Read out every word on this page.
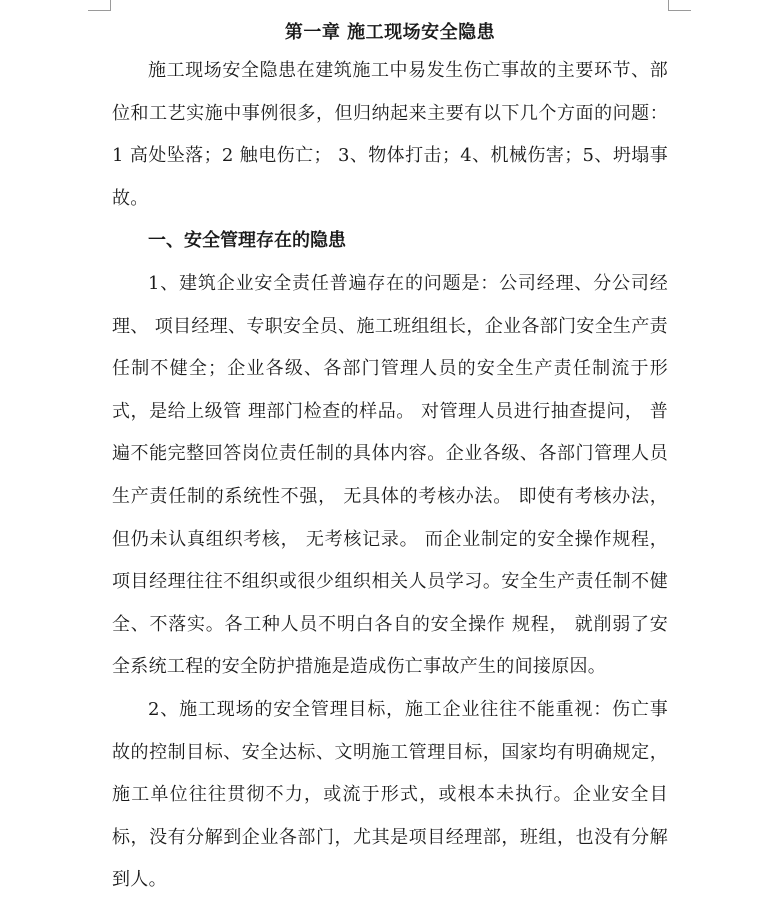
第一章 施工现场安全隐患

施工现场安全隐患在建筑施工中易发生伤亡事故的主要环节、部位和工艺实施中事例很多，但归纳起来主要有以下几个方面的问题：1 高处坠落；2 触电伤亡； 3、物体打击；4、机械伤害；5、坍塌事故。

一、安全管理存在的隐患

1、建筑企业安全责任普遍存在的问题是：公司经理、分公司经理、 项目经理、专职安全员、施工班组组长，企业各部门安全生产责任制不健全；企业各级、各部门管理人员的安全生产责任制流于形式，是给上级管 理部门检查的样品。 对管理人员进行抽查提问， 普遍不能完整回答岗位责任制的具体内容。企业各级、各部门管理人员生产责任制的系统性不强， 无具体的考核办法。 即使有考核办法，但仍未认真组织考核， 无考核记录。 而企业制定的安全操作规程，项目经理往往不组织或很少组织相关人员学习。安全生产责任制不健全、不落实。各工种人员不明白各自的安全操作 规程， 就削弱了安全系统工程的安全防护措施是造成伤亡事故产生的间接原因。

2、施工现场的安全管理目标，施工企业往往不能重视：伤亡事故的控制目标、安全达标、文明施工管理目标，国家均有明确规定，施工单位往往贯彻不力，或流于形式，或根本未执行。企业安全目标，没有分解到企业各部门，尤其是项目经理部，班组，也没有分解到人。
